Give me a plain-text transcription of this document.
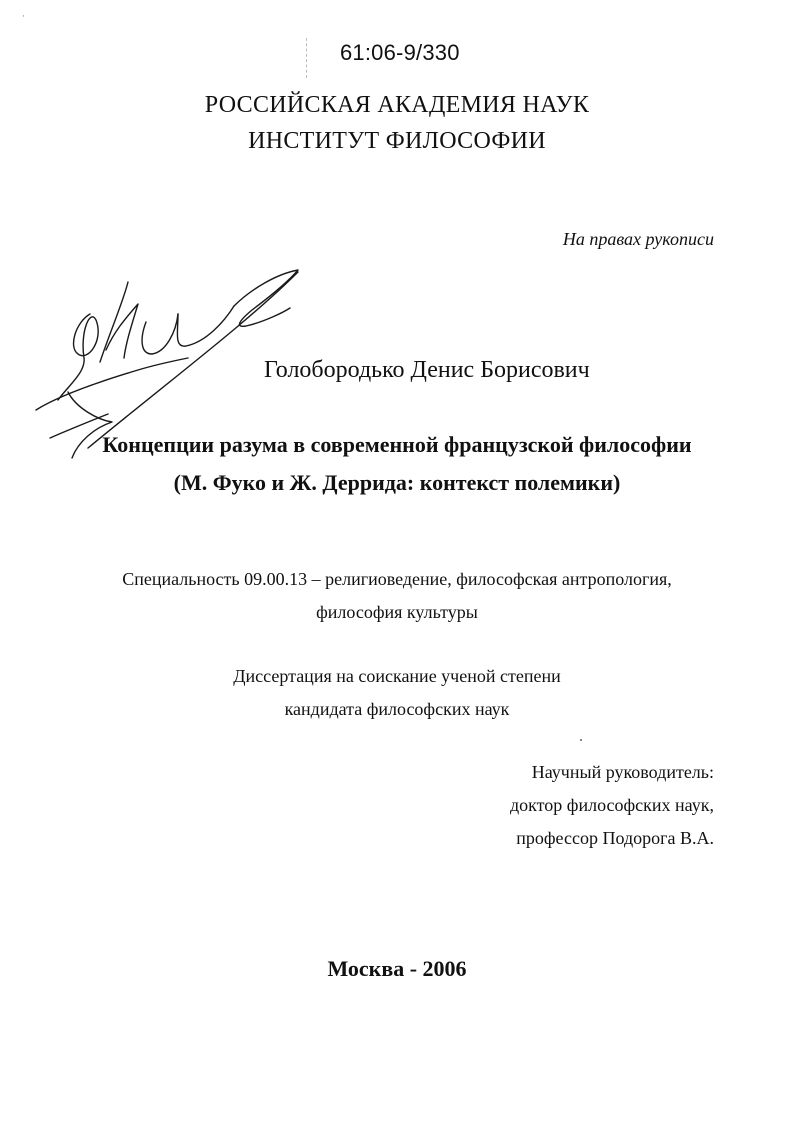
·
61:06-9/330
РОССИЙСКАЯ АКАДЕМИЯ НАУК
ИНСТИТУТ ФИЛОСОФИИ
На правах рукописи
Голобородько Денис Борисович
Концепции разума в современной французской философии
(М. Фуко и Ж. Деррида: контекст полемики)
Специальность 09.00.13 – религиоведение, философская антропология,
философия культуры
Диссертация на соискание ученой степени
кандидата философских наук
Научный руководитель:
доктор философских наук,
профессор Подорога В.А.
Москва - 2006
